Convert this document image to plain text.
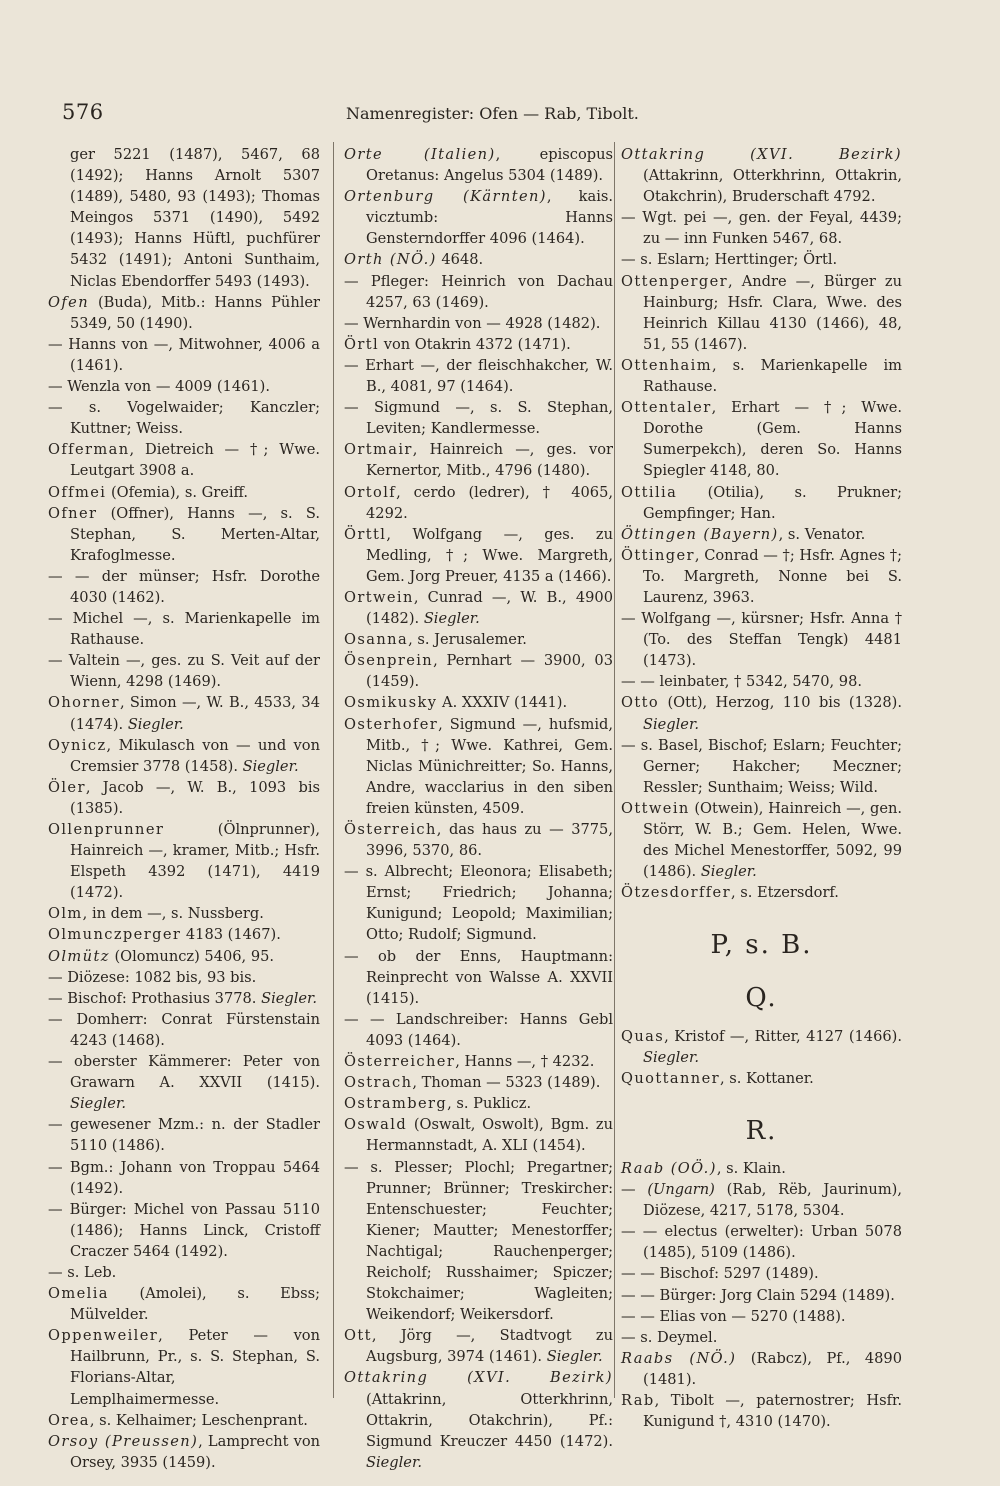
576	Namenregister: Ofen — Rab, Tibolt.

ger 5221 (1487), 5467, 68 (1492); Hanns Arnolt 5307 (1489), 5480, 93 (1493); Thomas Meingos 5371 (1490), 5492 (1493); Hanns Hüftl, puchfürer 5432 (1491); Antoni Sunthaim, Niclas Ebendorffer 5493 (1493).

Ofen (Buda), Mitb.: Hanns Pühler 5349, 50 (1490).

— Hanns von —, Mitwohner, 4006 a (1461).

— Wenzla von — 4009 (1461).

— s. Vogelwaider; Kanczler; Kuttner; Weiss.

Offerman, Dietreich — †; Wwe. Leutgart 3908 a.

Offmei (Ofemia), s. Greiff.

Ofner (Offner), Hanns —, s. S. Stephan, S. Merten-Altar, Krafoglmesse.

— — der münser; Hsfr. Dorothe 4030 (1462).

— Michel —, s. Marienkapelle im Rathause.

— Valtein —, ges. zu S. Veit auf der Wienn, 4298 (1469).

Ohorner, Simon —, W. B., 4533, 34 (1474). Siegler.

Oynicz, Mikulasch von — und von Cremsier 3778 (1458). Siegler.

Öler, Jacob —, W. B., 1093 bis (1385).

Ollenprunner (Ölnprunner), Hainreich —, kramer, Mitb.; Hsfr. Elspeth 4392 (1471), 4419 (1472).

Olm, in dem —, s. Nussberg.

Olmunczperger 4183 (1467).

Olmütz (Olomuncz) 5406, 95.

— Diözese: 1082 bis, 93 bis.

— Bischof: Prothasius 3778. Siegler.

— Domherr: Conrat Fürstenstain 4243 (1468).

— oberster Kämmerer: Peter von Grawarn A. XXVII (1415). Siegler.

— gewesener Mzm.: n. der Stadler 5110 (1486).

— Bgm.: Johann von Troppau 5464 (1492).

— Bürger: Michel von Passau 5110 (1486); Hanns Linck, Cristoff Craczer 5464 (1492).

— s. Leb.

Omelia (Amolei), s. Ebss; Mülvelder.

Oppenweiler, Peter — von Hailbrunn, Pr., s. S. Stephan, S. Florians-Altar, Lemplhaimermesse.

Orea, s. Kelhaimer; Leschenprant.

Orsoy (Preussen), Lamprecht von Orsey, 3935 (1459).

Orte (Italien), episcopus Oretanus: Angelus 5304 (1489).

Ortenburg (Kärnten), kais. vicztumb: Hanns Gensterndorffer 4096 (1464).

Orth (NÖ.) 4648.

— Pfleger: Heinrich von Dachau 4257, 63 (1469).

— Wernhardin von — 4928 (1482).

Örtl von Otakrin 4372 (1471).

— Erhart —, der fleischhakcher, W. B., 4081, 97 (1464).

— Sigmund —, s. S. Stephan, Leviten; Kandlermesse.

Ortmair, Hainreich —, ges. vor Kernertor, Mitb., 4796 (1480).

Ortolf, cerdo (ledrer), † 4065, 4292.

Örttl, Wolfgang —, ges. zu Medling, †; Wwe. Margreth, Gem. Jorg Preuer, 4135 a (1466).

Ortwein, Cunrad —, W. B., 4900 (1482). Siegler.

Osanna, s. Jerusalemer.

Ösenprein, Pernhart — 3900, 03 (1459).

Osmikusky A. XXXIV (1441).

Osterhofer, Sigmund —, hufsmid, Mitb., †; Wwe. Kathrei, Gem. Niclas Münichreitter; So. Hanns, Andre, wacclarius in den siben freien künsten, 4509.

Österreich, das haus zu — 3775, 3996, 5370, 86.

— s. Albrecht; Eleonora; Elisabeth; Ernst; Friedrich; Johanna; Kunigund; Leopold; Maximilian; Otto; Rudolf; Sigmund.

— ob der Enns, Hauptmann: Reinprecht von Walsse A. XXVII (1415).

— — Landschreiber: Hanns Gebl 4093 (1464).

Österreicher, Hanns —, † 4232.

Ostrach, Thoman — 5323 (1489).

Ostramberg, s. Puklicz.

Oswald (Oswalt, Oswolt), Bgm. zu Hermannstadt, A. XLI (1454).

— s. Plesser; Plochl; Pregartner; Prunner; Brünner; Treskircher: Entenschuester; Feuchter; Kiener; Mautter; Menestorffer; Nachtigal; Rauchenperger; Reicholf; Russhaimer; Spiczer; Stokchaimer; Wagleiten; Weikendorf; Weikersdorf.

Ott, Jörg —, Stadtvogt zu Augsburg, 3974 (1461). Siegler.

Ottakring (XVI. Bezirk) (Attakrinn, Otterkhrinn, Ottakrin, Otakchrin), Pf.: Sigmund Kreuczer 4450 (1472). Siegler.

Ottakring (XVI. Bezirk) (Attakrinn, Otterkhrinn, Ottakrin, Otakchrin), Bruderschaft 4792.

— Wgt. pei —, gen. der Feyal, 4439; zu — inn Funken 5467, 68.

— s. Eslarn; Herttinger; Örtl.

Ottenperger, Andre —, Bürger zu Hainburg; Hsfr. Clara, Wwe. des Heinrich Killau 4130 (1466), 48, 51, 55 (1467).

Ottenhaim, s. Marienkapelle im Rathause.

Ottentaler, Erhart — †; Wwe. Dorothe (Gem. Hanns Sumerpekch), deren So. Hanns Spiegler 4148, 80.

Ottilia (Otilia), s. Prukner; Gempfinger; Han.

Öttingen (Bayern), s. Venator.

Öttinger, Conrad — †; Hsfr. Agnes †; To. Margreth, Nonne bei S. Laurenz, 3963.

— Wolfgang —, kürsner; Hsfr. Anna † (To. des Steffan Tengk) 4481 (1473).

— — leinbater, † 5342, 5470, 98.

Otto (Ott), Herzog, 110 bis (1328). Siegler.

— s. Basel, Bischof; Eslarn; Feuchter; Gerner; Hakcher; Meczner; Ressler; Sunthaim; Weiss; Wild.

Ottwein (Otwein), Hainreich —, gen. Störr, W. B.; Gem. Helen, Wwe. des Michel Menestorffer, 5092, 99 (1486). Siegler.

Ötzesdorffer, s. Etzersdorf.

P, s. B.
Q.

Quas, Kristof —, Ritter, 4127 (1466). Siegler.

Quottanner, s. Kottaner.

R.

Raab (OÖ.), s. Klain.

— (Ungarn) (Rab, Rëb, Jaurinum), Diözese, 4217, 5178, 5304.

— — electus (erwelter): Urban 5078 (1485), 5109 (1486).

— — Bischof: 5297 (1489).

— — Bürger: Jorg Clain 5294 (1489).

— — Elias von — 5270 (1488).

— s. Deymel.

Raabs (NÖ.) (Rabcz), Pf., 4890 (1481).

Rab, Tibolt —, paternostrer; Hsfr. Kunigund †, 4310 (1470).
